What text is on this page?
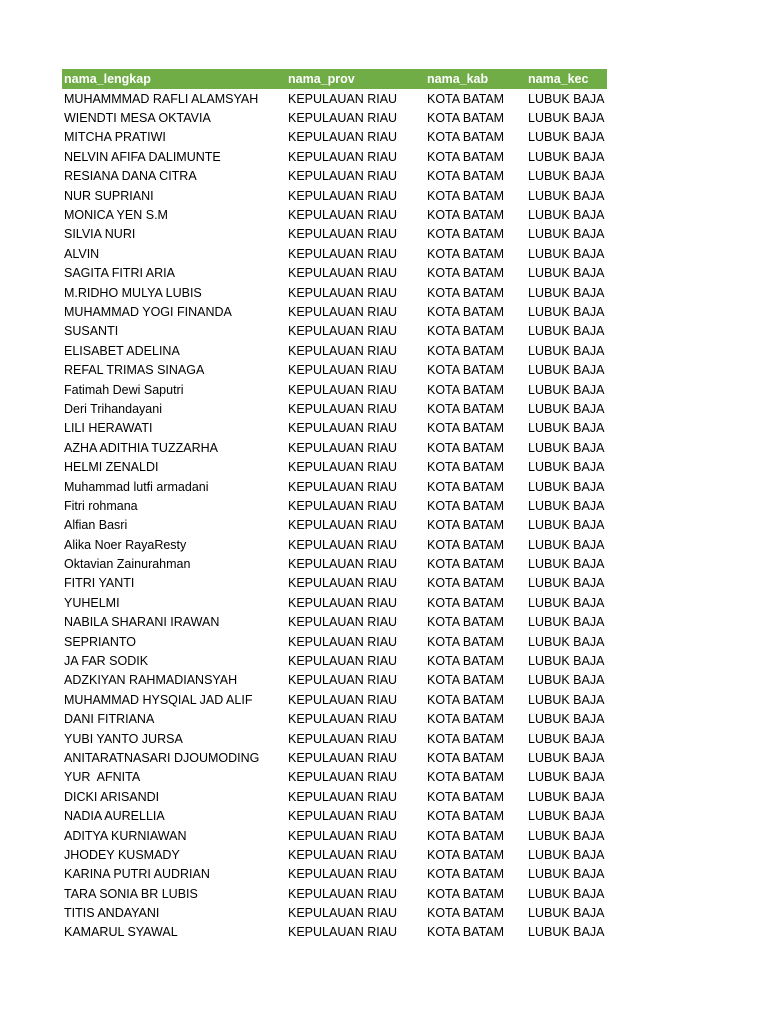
nama_lengkap	nama_prov	nama_kab	nama_kec
MUHAMMMAD RAFLI ALAMSYAH	KEPULAUAN RIAU	KOTA BATAM	LUBUK BAJA
WIENDTI MESA OKTAVIA	KEPULAUAN RIAU	KOTA BATAM	LUBUK BAJA
MITCHA PRATIWI	KEPULAUAN RIAU	KOTA BATAM	LUBUK BAJA
NELVIN AFIFA DALIMUNTE	KEPULAUAN RIAU	KOTA BATAM	LUBUK BAJA
RESIANA DANA CITRA	KEPULAUAN RIAU	KOTA BATAM	LUBUK BAJA
NUR SUPRIANI	KEPULAUAN RIAU	KOTA BATAM	LUBUK BAJA
MONICA YEN S.M	KEPULAUAN RIAU	KOTA BATAM	LUBUK BAJA
SILVIA NURI	KEPULAUAN RIAU	KOTA BATAM	LUBUK BAJA
ALVIN	KEPULAUAN RIAU	KOTA BATAM	LUBUK BAJA
SAGITA FITRI ARIA	KEPULAUAN RIAU	KOTA BATAM	LUBUK BAJA
M.RIDHO MULYA LUBIS	KEPULAUAN RIAU	KOTA BATAM	LUBUK BAJA
MUHAMMAD YOGI FINANDA	KEPULAUAN RIAU	KOTA BATAM	LUBUK BAJA
SUSANTI	KEPULAUAN RIAU	KOTA BATAM	LUBUK BAJA
ELISABET ADELINA	KEPULAUAN RIAU	KOTA BATAM	LUBUK BAJA
REFAL TRIMAS SINAGA	KEPULAUAN RIAU	KOTA BATAM	LUBUK BAJA
Fatimah Dewi Saputri	KEPULAUAN RIAU	KOTA BATAM	LUBUK BAJA
Deri Trihandayani	KEPULAUAN RIAU	KOTA BATAM	LUBUK BAJA
LILI HERAWATI	KEPULAUAN RIAU	KOTA BATAM	LUBUK BAJA
AZHA ADITHIA TUZZARHA	KEPULAUAN RIAU	KOTA BATAM	LUBUK BAJA
HELMI ZENALDI	KEPULAUAN RIAU	KOTA BATAM	LUBUK BAJA
Muhammad lutfi armadani	KEPULAUAN RIAU	KOTA BATAM	LUBUK BAJA
Fitri rohmana	KEPULAUAN RIAU	KOTA BATAM	LUBUK BAJA
Alfian Basri	KEPULAUAN RIAU	KOTA BATAM	LUBUK BAJA
Alika Noer RayaResty	KEPULAUAN RIAU	KOTA BATAM	LUBUK BAJA
Oktavian Zainurahman	KEPULAUAN RIAU	KOTA BATAM	LUBUK BAJA
FITRI YANTI	KEPULAUAN RIAU	KOTA BATAM	LUBUK BAJA
YUHELMI	KEPULAUAN RIAU	KOTA BATAM	LUBUK BAJA
NABILA SHARANI IRAWAN	KEPULAUAN RIAU	KOTA BATAM	LUBUK BAJA
SEPRIANTO	KEPULAUAN RIAU	KOTA BATAM	LUBUK BAJA
JA FAR SODIK	KEPULAUAN RIAU	KOTA BATAM	LUBUK BAJA
ADZKIYAN RAHMADIANSYAH	KEPULAUAN RIAU	KOTA BATAM	LUBUK BAJA
MUHAMMAD HYSQIAL JAD ALIF	KEPULAUAN RIAU	KOTA BATAM	LUBUK BAJA
DANI FITRIANA	KEPULAUAN RIAU	KOTA BATAM	LUBUK BAJA
YUBI YANTO JURSA	KEPULAUAN RIAU	KOTA BATAM	LUBUK BAJA
ANITARATNASARI DJOUMODING	KEPULAUAN RIAU	KOTA BATAM	LUBUK BAJA
YUR  AFNITA	KEPULAUAN RIAU	KOTA BATAM	LUBUK BAJA
DICKI ARISANDI	KEPULAUAN RIAU	KOTA BATAM	LUBUK BAJA
NADIA AURELLIA	KEPULAUAN RIAU	KOTA BATAM	LUBUK BAJA
ADITYA KURNIAWAN	KEPULAUAN RIAU	KOTA BATAM	LUBUK BAJA
JHODEY KUSMADY	KEPULAUAN RIAU	KOTA BATAM	LUBUK BAJA
KARINA PUTRI AUDRIAN	KEPULAUAN RIAU	KOTA BATAM	LUBUK BAJA
TARA SONIA BR LUBIS	KEPULAUAN RIAU	KOTA BATAM	LUBUK BAJA
TITIS ANDAYANI	KEPULAUAN RIAU	KOTA BATAM	LUBUK BAJA
KAMARUL SYAWAL	KEPULAUAN RIAU	KOTA BATAM	LUBUK BAJA
